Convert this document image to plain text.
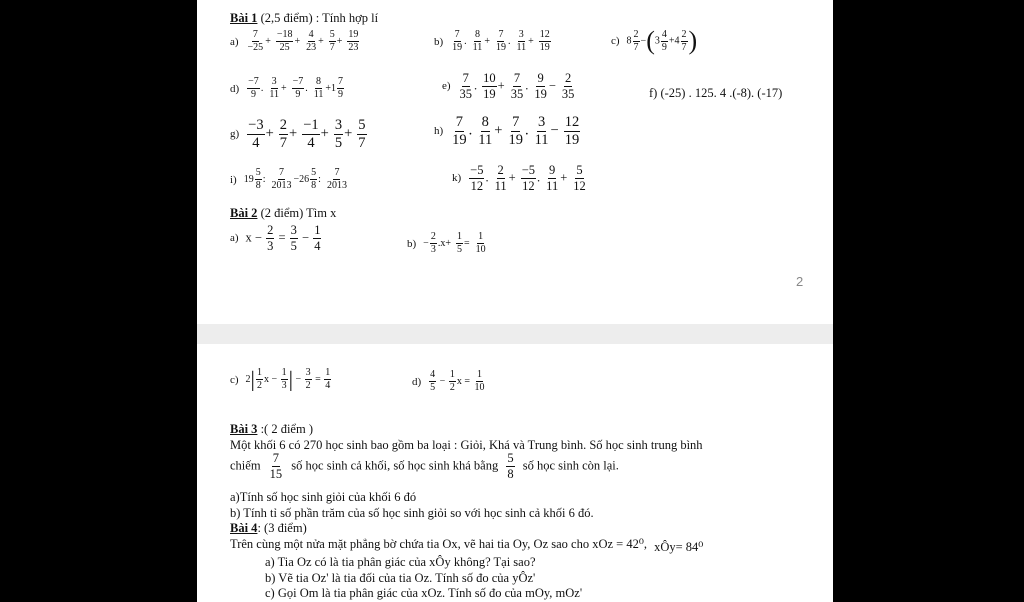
Bài 1 (2,5 điểm) : Tính hợp lí
$a) \frac{7}{-25} + \frac{-18}{25} + \frac{4}{23} + \frac{5}{7} + \frac{19}{23}$	$b) \frac{7}{19}$ . $\frac{8}{11} + \frac{7}{19}$ . $\frac{3}{11} + \frac{12}{19}$	c) $8 \frac{2}{7} -(3 \frac{4}{9} +4 \frac{2}{7}$ )
$d) \frac{-7}{9}$ . $\frac{3}{11} + \frac{-7}{9}$ . $\frac{8}{11} +1 \frac{7}{9}$	$e) \frac{7}{35}$ . $\frac{10}{19} + \frac{7}{35}$ . $\frac{9}{19} - \frac{2}{35}$	f) (-25) . 125. 4 .(-8). (-17)
$g) \frac{-3}{4} + \frac{2}{7} + \frac{-1}{4} + \frac{3}{5} + \frac{5}{7}$	$h) \frac{7}{19}$ . $\frac{8}{11} + \frac{7}{19}$ . $\frac{3}{11} - \frac{12}{19}$
i) $19 \frac{5}{8}$ : $\frac{7}{2013} -26 \frac{5}{8}$ : $\frac{7}{2013}$	$k) \frac{-5}{12}$ . $\frac{2}{11} + \frac{-5}{12}$ . $\frac{9}{11} + \frac{5}{12}$
Bài 2 (2 điểm) Tìm x
a) $x - \frac{2}{3} = \frac{3}{5} - \frac{1}{4}$	$b) - \frac{2}{3} .x+ \frac{1}{5} = \frac{1}{10}$
2
c) $2| \frac{1}{2}$ $x - \frac{1}{3}$ | − $\frac{3}{2} = \frac{1}{4}$	$d) \frac{4}{5} - \frac{1}{2}$ $x = \frac{1}{10}$
Bài 3 :( 2 điểm )
Một khối 6 có 270 học sinh bao gồm ba loại : Giỏi, Khá và Trung bình. Số học sinh trung bình
chiếm $\frac{7}{15}$ số học sinh cả khối, số học sinh khá bằng $\frac{5}{8}$ số học sinh còn lại.
a)Tính số học sinh giỏi của khối 6 đó
b) Tính tỉ số phần trăm của số học sinh giỏi so với học sinh cả khối 6 đó.
Bài 4: (3 điểm)
Trên cùng một nửa mặt phẳng bờ chứa tia Ox, vẽ hai tia Oy, Oz sao cho xOz = 42⁰, xÔy= 84⁰
a) Tia Oz có là tia phân giác của xÔy không? Tại sao?
b) Vẽ tia Oz' là tia đối của tia Oz. Tính số đo của yÔz'
c) Gọi Om là tia phân giác của xOz. Tính số đo của mOy, mOz'
